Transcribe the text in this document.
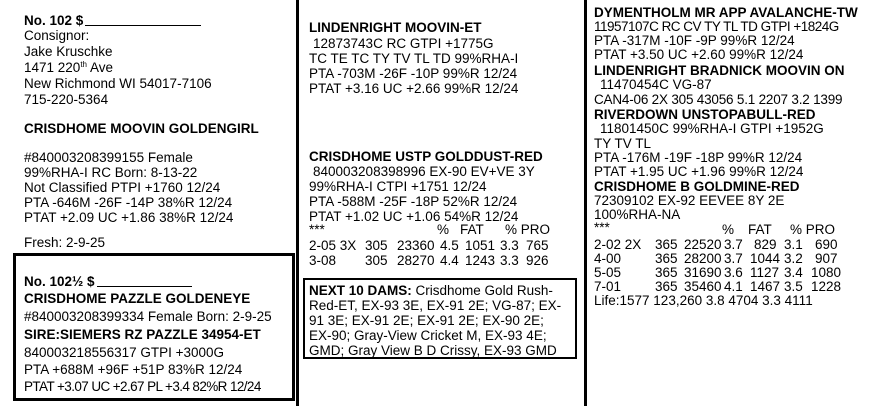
No. 102 $
Consignor:
Jake Kruschke
1471 220th Ave
New Richmond WI 54017-7106
715-220-5364
CRISDHOME MOOVIN GOLDENGIRL
#840003208399155 Female
99%RHA-I RC Born: 8-13-22
Not Classified PTPI +1760 12/24
PTA -646M -26F -14P 38%R 12/24
PTAT +2.09 UC +1.86 38%R 12/24
Fresh: 2-9-25
No. 102½ $
CRISDHOME PAZZLE GOLDENEYE
#840003208399334 Female Born: 2-9-25
SIRE:SIEMERS RZ PAZZLE 34954-ET
840003218556317 GTPI +3000G
PTA +688M +96F +51P 83%R 12/24
PTAT +3.07 UC +2.67 PL +3.4 82%R 12/24
LINDENRIGHT MOOVIN-ET
12873743C RC GTPI +1775G
TC TE TC TY TV TL TD 99%RHA-I
PTA -703M -26F -10P 99%R 12/24
PTAT +3.16 UC +2.66 99%R 12/24
CRISDHOME USTP GOLDDUST-RED
840003208398996 EX-90 EV+VE 3Y
99%RHA-I CTPI +1751 12/24
PTA -588M -25F -18P 52%R 12/24
PTAT +1.02 UC +1.06 54%R 12/24
***	% FAT % PRO
2-05 3X 305 23360 4.5 1051 3.3 765
3-08 305 28270 4.4 1243 3.3 926
NEXT 10 DAMS: Crisdhome Gold Rush-
Red-ET, EX-93 3E, EX-91 2E; VG-87; EX-
91 3E; EX-91 2E; EX-91 2E; EX-90 2E;
EX-90; Gray-View Cricket M, EX-93 4E;
GMD; Gray View B D Crissy, EX-93 GMD
DYMENTHOLM MR APP AVALANCHE-TW
11957107C RC CV TY TL TD GTPI +1824G
PTA -317M -10F -9P 99%R 12/24
PTAT +3.50 UC +2.60 99%R 12/24
LINDENRIGHT BRADNICK MOOVIN ON
11470454C VG-87
CAN4-06 2X 305 43056 5.1 2207 3.2 1399
RIVERDOWN UNSTOPABULL-RED
11801450C 99%RHA-I GTPI +1952G
TY TV TL
PTA -176M -19F -18P 99%R 12/24
PTAT +1.95 UC +1.96 99%R 12/24
CRISDHOME B GOLDMINE-RED
72309102 EX-92 EEVEE 8Y 2E
100%RHA-NA
***	% FAT % PRO
2-02 2X 365 22520 3.7 829 3.1 690
4-00	365 28200 3.7 1044 3.2 907
5-05	365 31690 3.6 1127 3.4 1080
7-01	365 35460 4.1 1467 3.5 1228
Life:1577 123,260 3.8 4704 3.3 4111
